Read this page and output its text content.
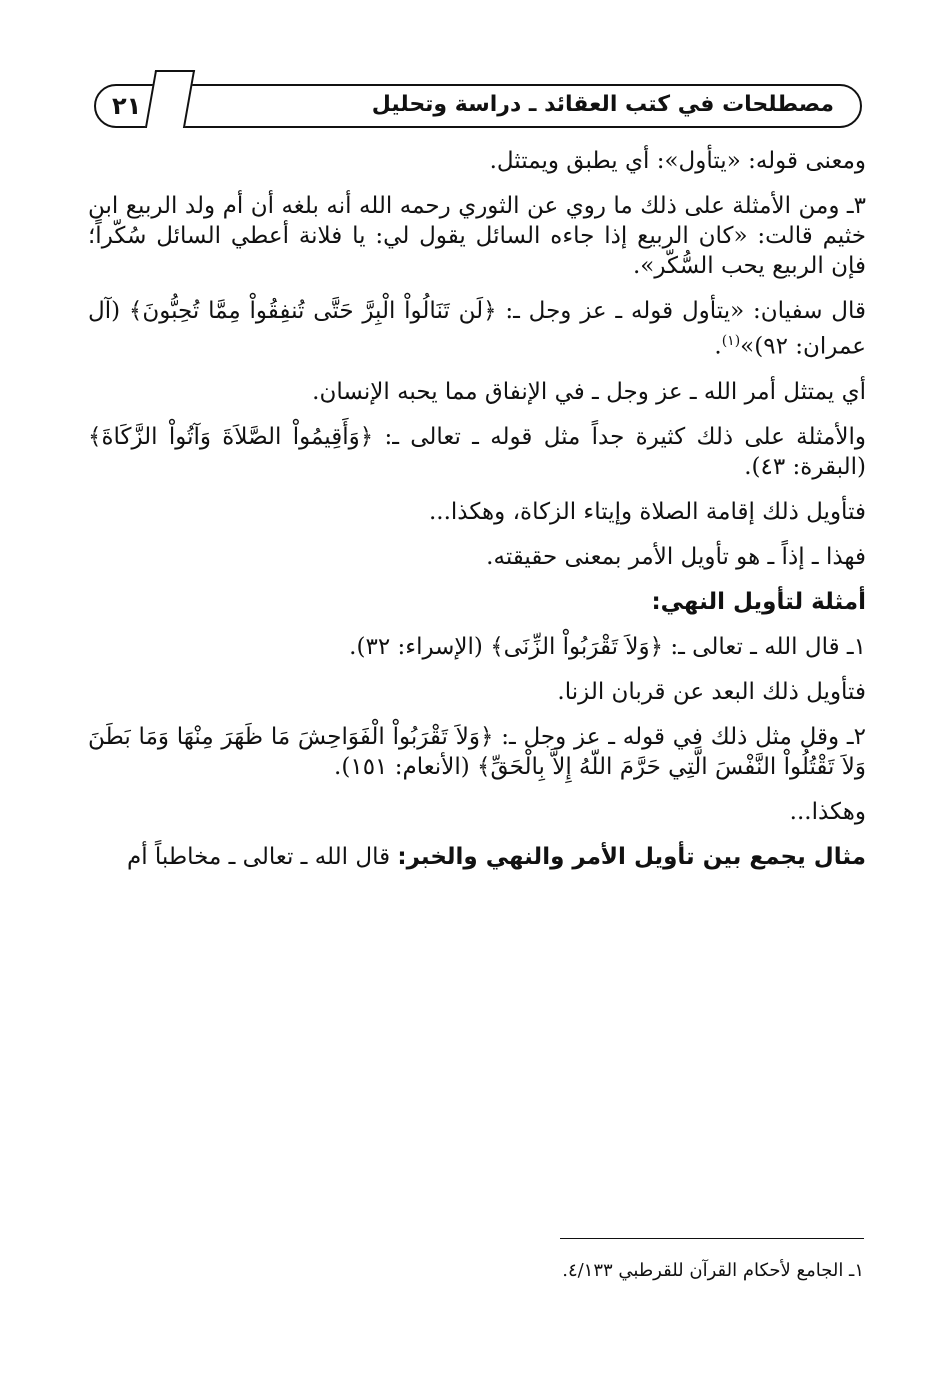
مصطلحات في كتب العقائد ـ دراسة وتحليل
٢١

ومعنى قوله: «يتأول»: أي يطبق ويمتثل.

٣ـ ومن الأمثلة على ذلك ما روي عن الثوري رحمه الله أنه بلغه أن أم ولد الربيع ابن خثيم قالت: «كان الربيع إذا جاءه السائل يقول لي: يا فلانة أعطي السائل سُكّراً؛ فإن الربيع يحب السُّكّر».

قال سفيان: «يتأول قوله ـ عز وجل ـ: ﴿لَن تَنَالُواْ الْبِرَّ حَتَّى تُنفِقُواْ مِمَّا تُحِبُّونَ﴾ (آل عمران: ٩٢)»$^{(١)}$.

أي يمتثل أمر الله ـ عز وجل ـ في الإنفاق مما يحبه الإنسان.

والأمثلة على ذلك كثيرة جداً مثل قوله ـ تعالى ـ: ﴿وَأَقِيمُواْ الصَّلاَةَ وَآتُواْ الزَّكَاةَ﴾ (البقرة: ٤٣).

فتأويل ذلك إقامة الصلاة وإيتاء الزكاة، وهكذا...

فهذا ـ إذاً ـ هو تأويل الأمر بمعنى حقيقته.

أمثلة لتأويل النهي:

١ـ قال الله ـ تعالى ـ: ﴿وَلاَ تَقْرَبُواْ الزِّنَى﴾ (الإسراء: ٣٢).

فتأويل ذلك البعد عن قربان الزنا.

٢ـ وقل مثل ذلك في قوله ـ عز وجل ـ: ﴿وَلاَ تَقْرَبُواْ الْفَوَاحِشَ مَا ظَهَرَ مِنْهَا وَمَا بَطَنَ وَلاَ تَقْتُلُواْ النَّفْسَ الَّتِي حَرَّمَ اللّهُ إِلاَّ بِالْحَقِّ﴾ (الأنعام: ١٥١).

وهكذا...

مثال يجمع بين تأويل الأمر والنهي والخبر: قال الله ـ تعالى ـ مخاطباً أم

١ـ الجامع لأحكام القرآن للقرطبي ٤/١٣٣.
